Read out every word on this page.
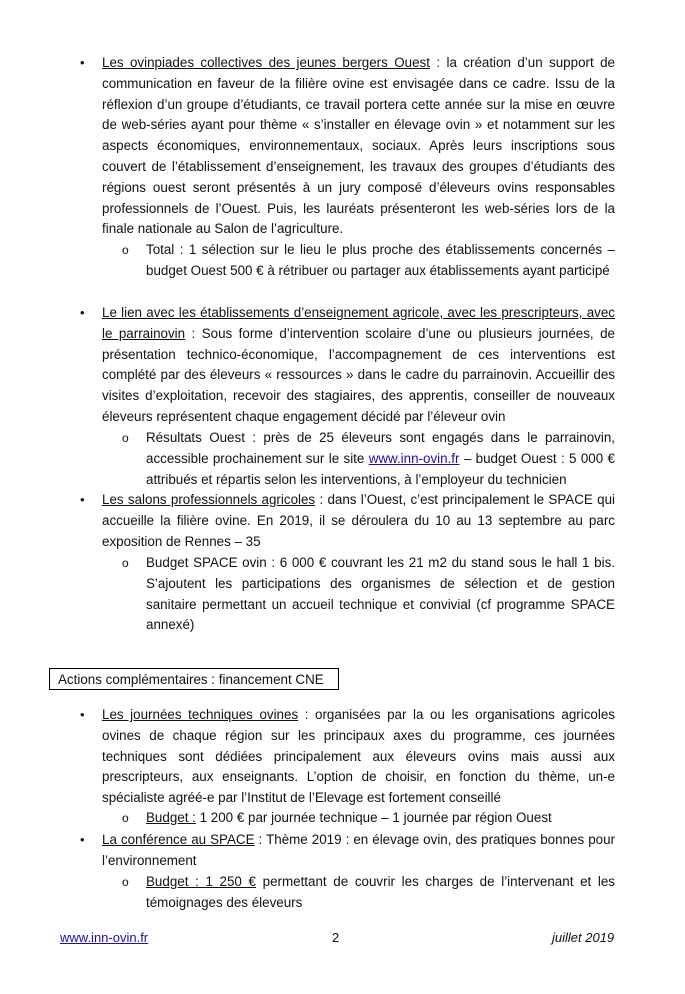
•	Les ovinpiades collectives des jeunes bergers Ouest : la création d’un support de communication en faveur de la filière ovine est envisagée dans ce cadre. Issu de la réflexion d’un groupe d’étudiants, ce travail portera cette année sur la mise en œuvre de web-séries ayant pour thème « s’installer en élevage ovin » et notamment sur les aspects économiques, environnementaux, sociaux. Après leurs inscriptions sous couvert de l’établissement d’enseignement, les travaux des groupes d’étudiants des régions ouest seront présentés à un jury composé d’éleveurs ovins responsables professionnels de l’Ouest. Puis, les lauréats présenteront les web-séries lors de la finale nationale au Salon de l’agriculture.

o	Total : 1 sélection sur le lieu le plus proche des établissements concernés – budget Ouest 500 € à rétribuer ou partager aux établissements ayant participé

•	Le lien avec les établissements d’enseignement agricole, avec les prescripteurs, avec le parrainovin : Sous forme d’intervention scolaire d’une ou plusieurs journées, de présentation technico-économique, l’accompagnement de ces interventions est complété par des éleveurs « ressources » dans le cadre du parrainovin. Accueillir des visites d’exploitation, recevoir des stagiaires, des apprentis, conseiller de nouveaux éleveurs représentent chaque engagement décidé par l’éleveur ovin

o	Résultats Ouest : près de 25 éleveurs sont engagés dans le parrainovin, accessible prochainement sur le site www.inn-ovin.fr – budget Ouest : 5 000 € attribués et répartis selon les interventions, à l’employeur du technicien

•	Les salons professionnels agricoles : dans l’Ouest, c’est principalement le SPACE qui accueille la filière ovine. En 2019, il se déroulera du 10 au 13 septembre au parc exposition de Rennes – 35

o	Budget SPACE ovin : 6 000 € couvrant les 21 m2 du stand sous le hall 1 bis. S’ajoutent les participations des organismes de sélection et de gestion sanitaire permettant un accueil technique et convivial (cf programme SPACE annexé)

Actions complémentaires : financement CNE
•	Les journées techniques ovines : organisées par la ou les organisations agricoles ovines de chaque région sur les principaux axes du programme, ces journées techniques sont dédiées principalement aux éleveurs ovins mais aussi aux prescripteurs, aux enseignants. L’option de choisir, en fonction du thème, un-e spécialiste agréé-e par l’Institut de l’Elevage est fortement conseillé

o	Budget : 1 200 € par journée technique – 1 journée par région Ouest

•	La conférence au SPACE : Thème 2019 : en élevage ovin, des pratiques bonnes pour l’environnement

o	Budget : 1 250 € permettant de couvrir les charges de l’intervenant et les témoignages des éleveurs

www.inn-ovin.fr	2	juillet 2019
